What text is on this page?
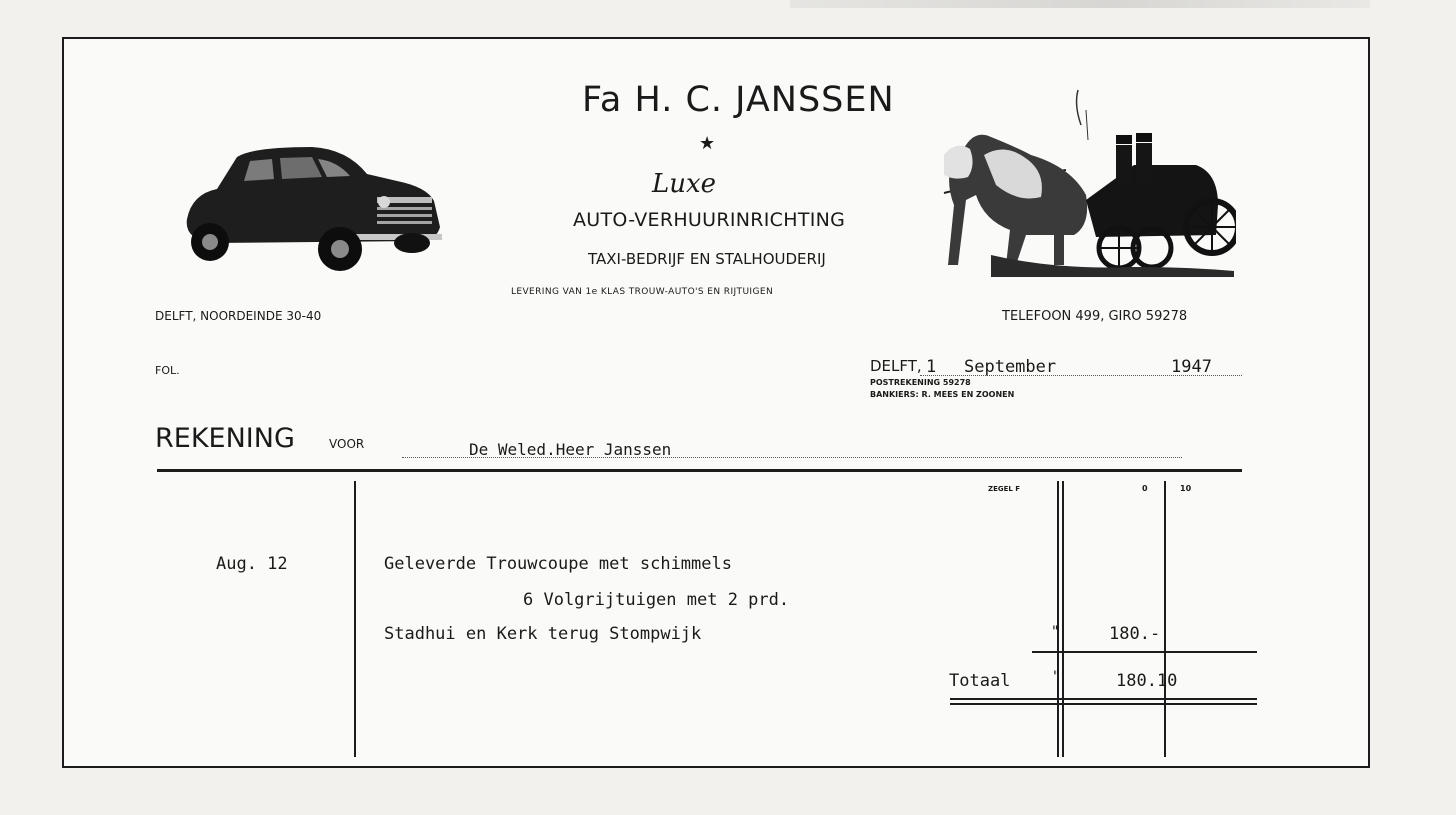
Fa H. C. JANSSEN
★
Luxe
AUTO-VERHUURINRICHTING
TAXI-BEDRIJF EN STALHOUDERIJ
LEVERING VAN 1e KLAS TROUW-AUTO'S EN RIJTUIGEN
DELFT, NOORDEINDE 30-40	TELEFOON 499, GIRO 59278
FOL.	DELFT, 1 September	1947
POSTREKENING 59278
BANKIERS: R. MEES EN ZOONEN
REKENING	VOOR	De Weled.Heer Janssen
ZEGEL F	0	10
Aug. 12	Geleverde Trouwcoupe met schimmels
6 Volgrijtuigen met 2 prd.
Stadhui en Kerk terug Stompwijk	"	180.-
Totaal	"	180.10
